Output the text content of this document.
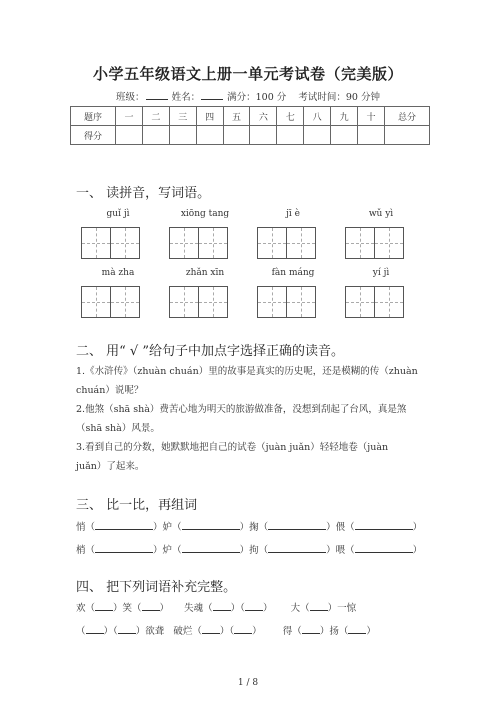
小学五年级语文上册一单元考试卷（完美版）
班级：	姓名：	满分：100 分 考试时间：90 分钟
题序	一	二	三	四	五	六	七	八	九	十	总分
得分											
一、 读拼音，写词语。
guǐ jì	xiōng tang	jī è	wǔ yì
mà zha	zhǎn xīn	fàn máng	yí jì
二、 用“ √ ”给句子中加点字选择正确的读音。
1.《水浒传》（zhuàn chuán）里的故事是真实的历史呢，还是模糊的传（zhuàn
chuán）说呢？
2.他煞（shā shà）费苦心地为明天的旅游做准备，没想到刮起了台风，真是煞
（shā shà）风景。
3.看到自己的分数，她默默地把自己的试卷（juàn juǎn）轻轻地卷（juàn
juǎn）了起来。
三、 比一比，再组词
悄（	）妒（	）掬（	）偎（	）
梢（	）炉（	）拘（	）喂（	）
四、 把下列词语补充完整。
欢（ ）笑（ ） 失魂（ ）（ ） 大（ ）一惊
（ ）（ ）欲聋 破烂（ ）（ ） 得（ ）扬（ ）
1 / 8
